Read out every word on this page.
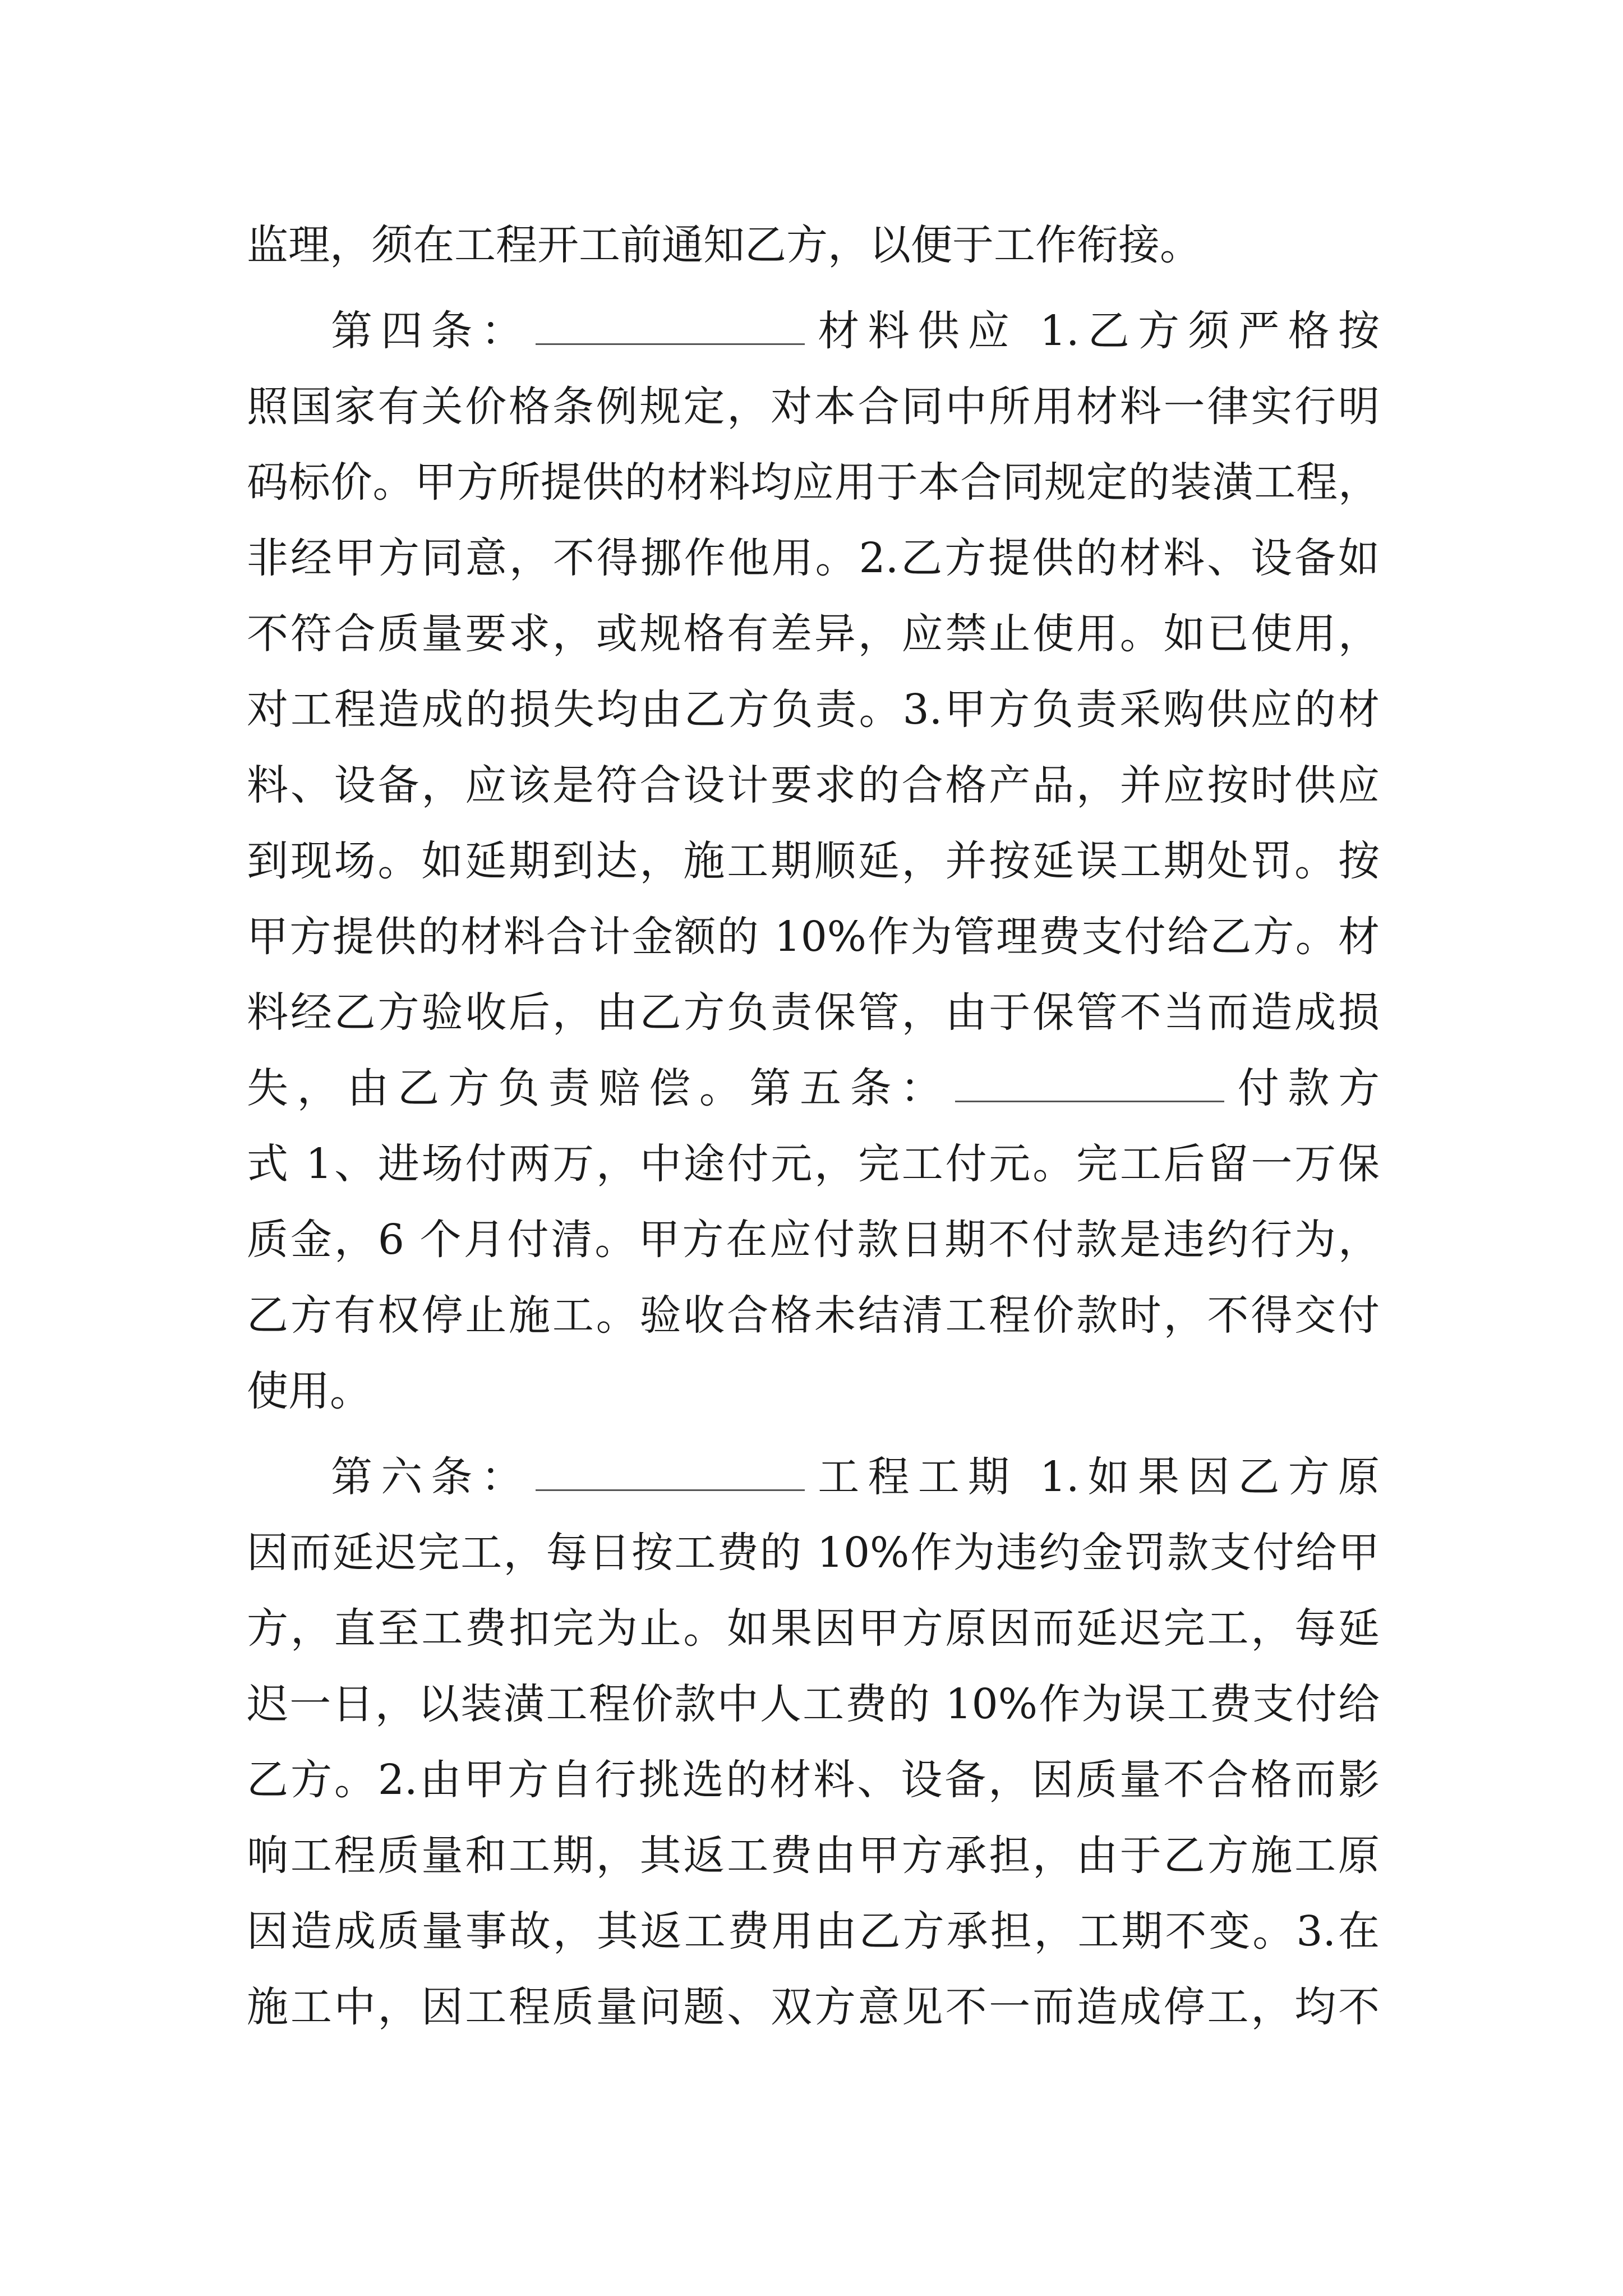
监理，须在工程开工前通知乙方，以便于工作衔接。
第四条：	材料供应 1.乙方须严格按
照国家有关价格条例规定，对本合同中所用材料一律实行明
码标价。甲方所提供的材料均应用于本合同规定的装潢工程，
非经甲方同意，不得挪作他用。2.乙方提供的材料、设备如
不符合质量要求，或规格有差异，应禁止使用。如已使用，
对工程造成的损失均由乙方负责。3.甲方负责采购供应的材
料、设备，应该是符合设计要求的合格产品，并应按时供应
到现场。如延期到达，施工期顺延，并按延误工期处罚。按
甲方提供的材料合计金额的 10%作为管理费支付给乙方。材
料经乙方验收后，由乙方负责保管，由于保管不当而造成损
失，由乙方负责赔偿。第五条：	付款方
式 1、进场付两万，中途付元，完工付元。完工后留一万保
质金，6 个月付清。甲方在应付款日期不付款是违约行为，
乙方有权停止施工。验收合格未结清工程价款时，不得交付
使用。
第六条：	工程工期 1.如果因乙方原
因而延迟完工，每日按工费的 10%作为违约金罚款支付给甲
方，直至工费扣完为止。如果因甲方原因而延迟完工，每延
迟一日，以装潢工程价款中人工费的 10%作为误工费支付给
乙方。2.由甲方自行挑选的材料、设备，因质量不合格而影
响工程质量和工期，其返工费由甲方承担，由于乙方施工原
因造成质量事故，其返工费用由乙方承担，工期不变。3.在
施工中，因工程质量问题、双方意见不一而造成停工，均不
